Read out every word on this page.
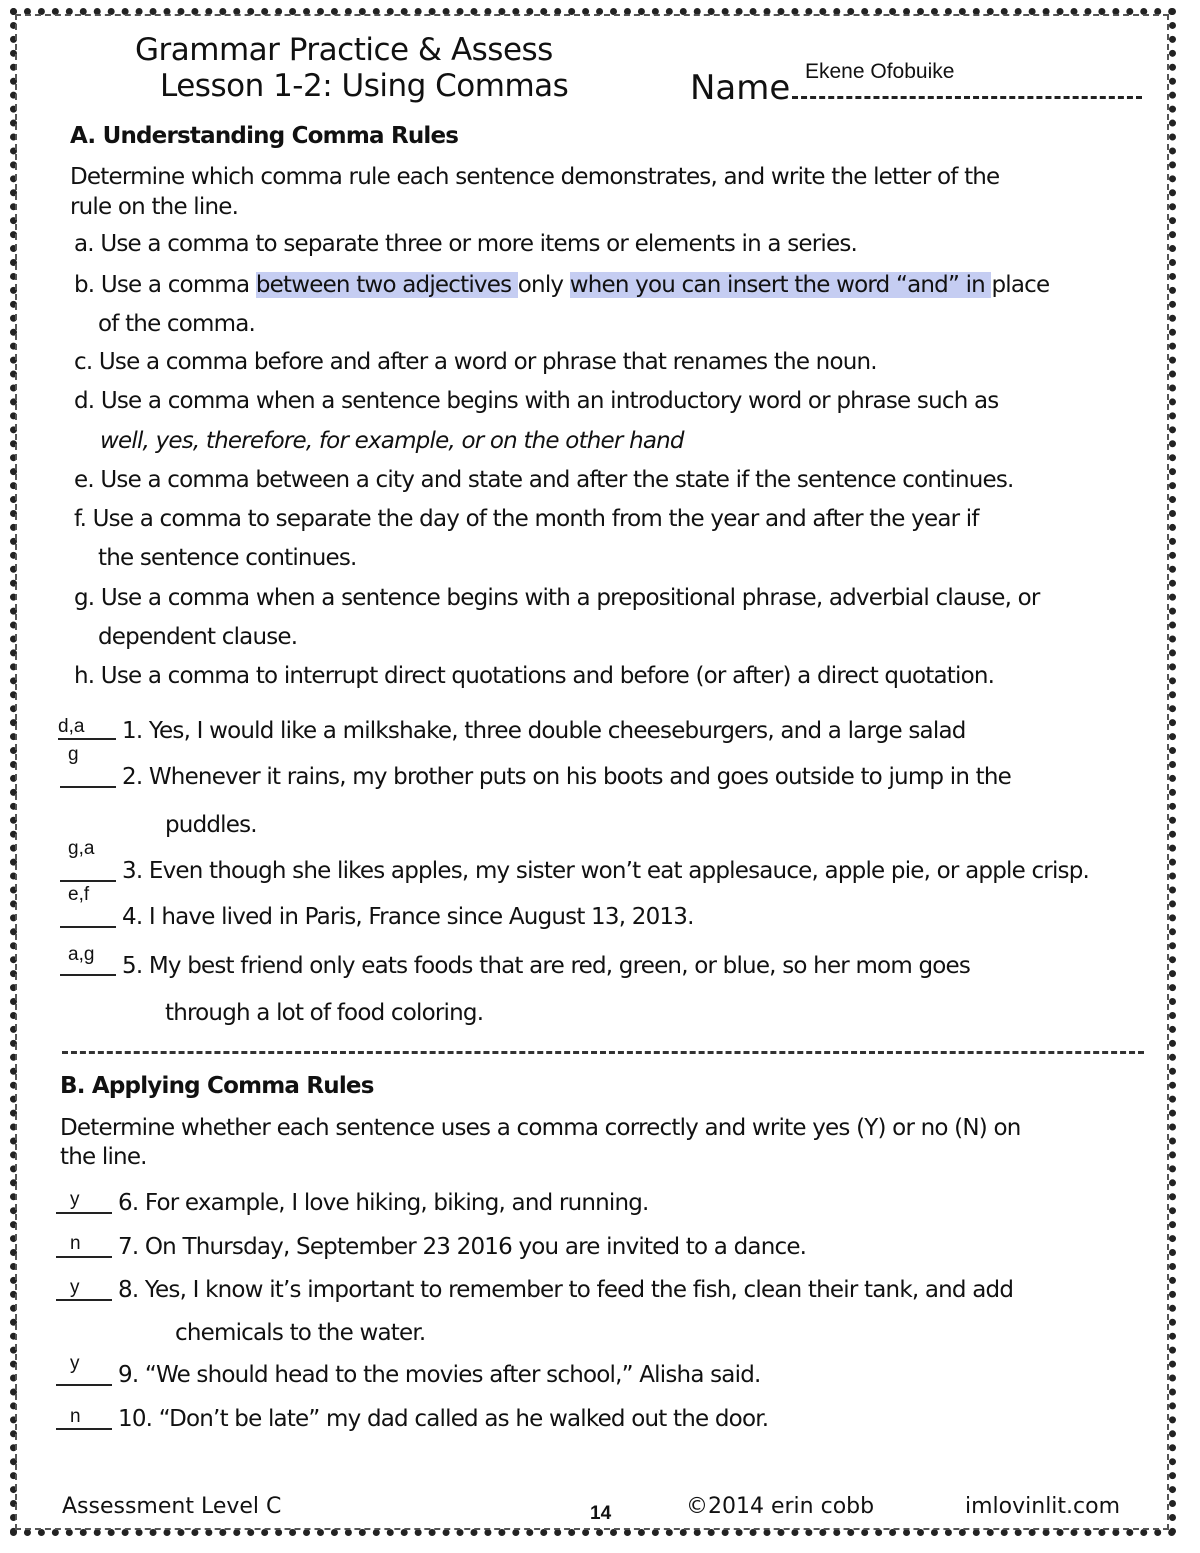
Grammar Practice & Assess
Lesson 1-2: Using Commas	Name Ekene Ofobuike
A. Understanding Comma Rules
Determine which comma rule each sentence demonstrates, and write the letter of the
rule on the line.
a. Use a comma to separate three or more items or elements in a series.
b. Use a comma between two adjectives only when you can insert the word “and” in place
of the comma.
c. Use a comma before and after a word or phrase that renames the noun.
d. Use a comma when a sentence begins with an introductory word or phrase such as
well, yes, therefore, for example, or on the other hand
e. Use a comma between a city and state and after the state if the sentence continues.
f. Use a comma to separate the day of the month from the year and after the year if
the sentence continues.
g. Use a comma when a sentence begins with a prepositional phrase, adverbial clause, or
dependent clause.
h. Use a comma to interrupt direct quotations and before (or after) a direct quotation.
d,a 1. Yes, I would like a milkshake, three double cheeseburgers, and a large salad
g
2. Whenever it rains, my brother puts on his boots and goes outside to jump in the
puddles.
g,a
3. Even though she likes apples, my sister won’t eat applesauce, apple pie, or apple crisp.
e,f
4. I have lived in Paris, France since August 13, 2013.
a,g 5. My best friend only eats foods that are red, green, or blue, so her mom goes
through a lot of food coloring.
B. Applying Comma Rules
Determine whether each sentence uses a comma correctly and write yes (Y) or no (N) on
the line.
y 6. For example, I love hiking, biking, and running.
n 7. On Thursday, September 23 2016 you are invited to a dance.
y 8. Yes, I know it’s important to remember to feed the fish, clean their tank, and add
chemicals to the water.
y 9. “We should head to the movies after school,” Alisha said.
n 10. “Don’t be late” my dad called as he walked out the door.
Assessment Level C	14	©2014 erin cobb	imlovinlit.com
